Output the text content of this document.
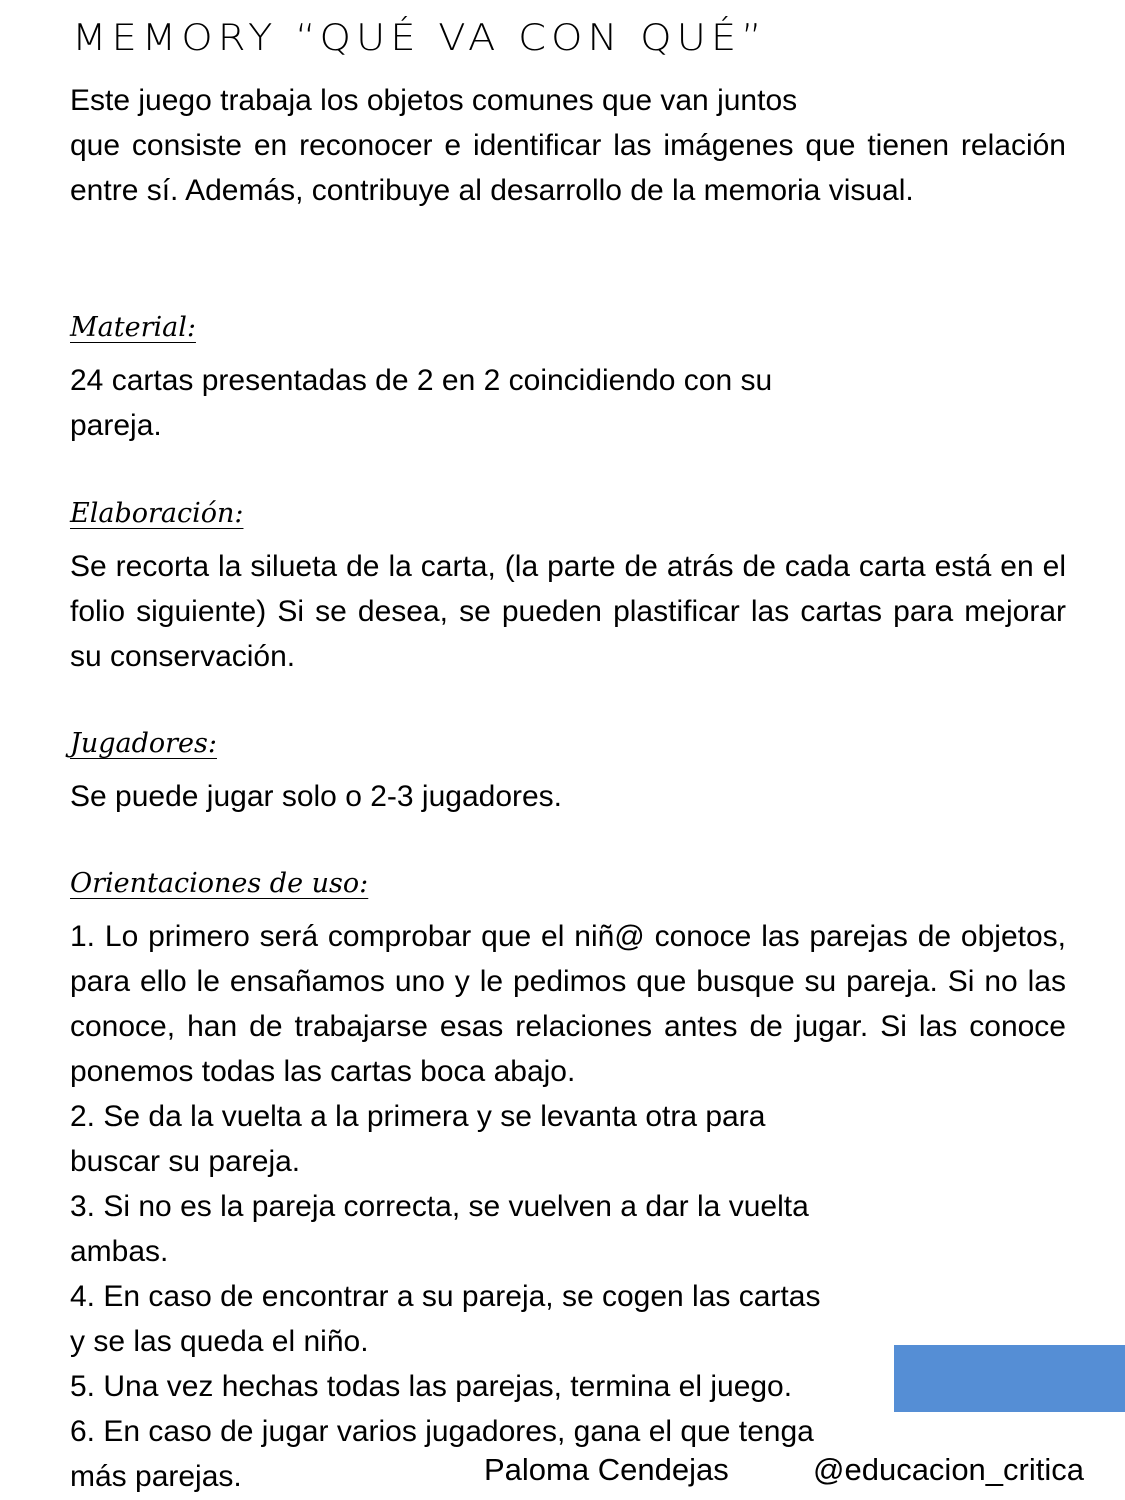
MEMORY “QUÉ VA CON QUÉ”
Este juego trabaja los objetos comunes que van juntos

que consiste en reconocer e identificar las imágenes que tienen relación entre sí. Además, contribuye al desarrollo de la memoria visual.

Material:
24 cartas presentadas de 2 en 2 coincidiendo con su
pareja.
Elaboración:

Se recorta la silueta de la carta, (la parte de atrás de cada carta está en el folio siguiente) Si se desea, se pueden plastificar las cartas para mejorar su conservación.

Jugadores:
Se puede jugar solo o 2-3 jugadores.
Orientaciones de uso:

1. Lo primero será comprobar que el niñ@ conoce las parejas de objetos, para ello le ensañamos uno y le pedimos que busque su pareja. Si no las conoce, han de trabajarse esas relaciones antes de jugar. Si las conoce ponemos todas las cartas boca abajo.

2. Se da la vuelta a la primera y se levanta otra para
buscar su pareja.
3. Si no es la pareja correcta, se vuelven a dar la vuelta
ambas.
4. En caso de encontrar a su pareja, se cogen las cartas
y se las queda el niño.
5. Una vez hechas todas las parejas, termina el juego.
6. En caso de jugar varios jugadores, gana el que tenga
más parejas.	Paloma Cendejas	@educacion_critica
